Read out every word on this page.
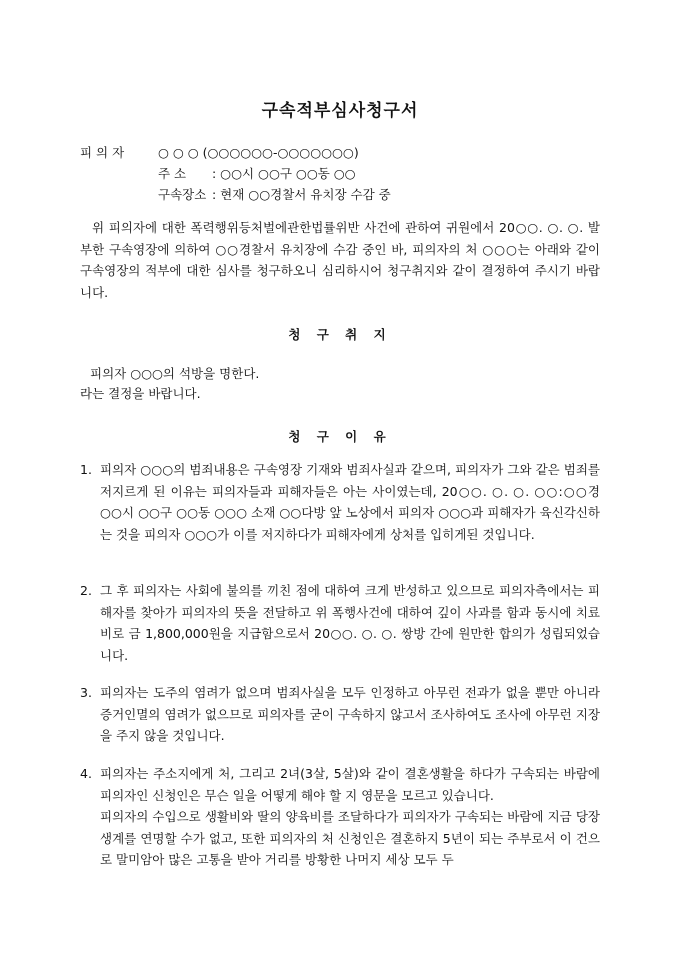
구속적부심사청구서
피 의 자	○ ○ ○ (○○○○○○-○○○○○○○)
주 소 : ○○시 ○○구 ○○동 ○○
구속장소 : 현재 ○○경찰서 유치장 수감 중
위 피의자에 대한 폭력행위등처벌에관한법률위반 사건에 관하여 귀원에서 20○○. ○. ○. 발부한 구속영장에 의하여 ○○경찰서 유치장에 수감 중인 바, 피의자의 처 ○○○는 아래와 같이 구속영장의 적부에 대한 심사를 청구하오니 심리하시어 청구취지와 같이 결정하여 주시기 바랍니다.
청 구 취 지
피의자 ○○○의 석방을 명한다.
라는 결정을 바랍니다.
청 구 이 유
1. 피의자 ○○○의 범죄내용은 구속영장 기재와 범죄사실과 같으며, 피의자가 그와 같은 범죄를 저지르게 된 이유는 피의자들과 피해자들은 아는 사이였는데, 20○○. ○. ○. ○○:○○경 ○○시 ○○구 ○○동 ○○○ 소재 ○○다방 앞 노상에서 피의자 ○○○과 피해자가 육신각신하는 것을 피의자 ○○○가 이를 저지하다가 피해자에게 상처를 입히게된 것입니다.

2. 그 후 피의자는 사회에 불의를 끼친 점에 대하여 크게 반성하고 있으므로 피의자측에서는 피해자를 찾아가 피의자의 뜻을 전달하고 위 폭행사건에 대하여 깊이 사과를 함과 동시에 치료비로 금 1,800,000원을 지급함으로서 20○○. ○. ○. 쌍방 간에 원만한 합의가 성립되었습니다.

3. 피의자는 도주의 염려가 없으며 범죄사실을 모두 인정하고 아무런 전과가 없을 뿐만 아니라 증거인멸의 염려가 없으므로 피의자를 굳이 구속하지 않고서 조사하여도 조사에 아무런 지장을 주지 않을 것입니다.

4. 피의자는 주소지에게 처, 그리고 2녀(3살, 5살)와 같이 결혼생활을 하다가 구속되는 바람에 피의자인 신청인은 무슨 일을 어떻게 해야 할 지 영문을 모르고 있습니다.

피의자의 수입으로 생활비와 딸의 양육비를 조달하다가 피의자가 구속되는 바람에 지금 당장 생계를 연명할 수가 없고, 또한 피의자의 처 신청인은 결혼하지 5년이 되는 주부로서 이 건으로 말미암아 많은 고통을 받아 거리를 방황한 나머지 세상 모두 두
